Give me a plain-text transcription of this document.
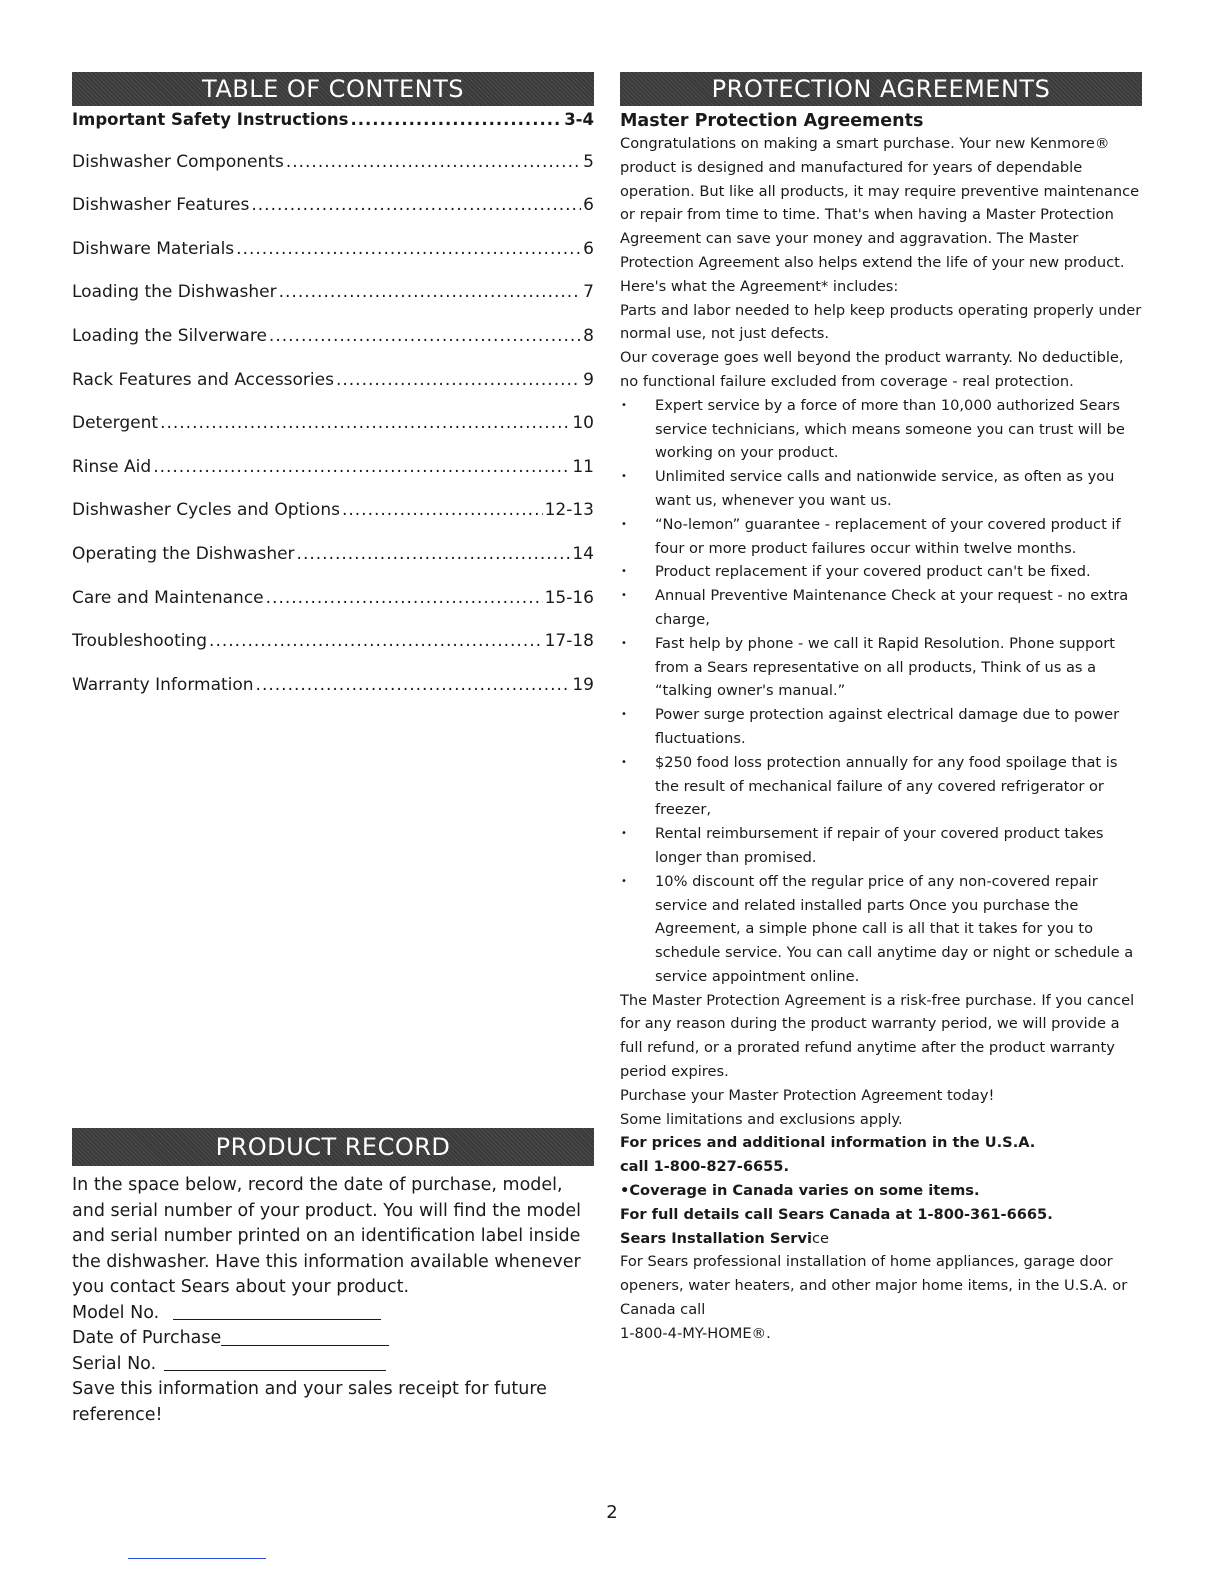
TABLE OF CONTENTS
Important Safety Instructions .....	3-4
Dishwasher Components .....	5
Dishwasher Features .....	6
Dishware Materials .....	6
Loading the Dishwasher .....	7
Loading the Silverware .....	8
Rack Features and Accessories .....	9
Detergent .....	10
Rinse Aid .....	11
Dishwasher Cycles and Options .....	12-13
Operating the Dishwasher .....	14
Care and Maintenance .....	15-16
Troubleshooting .....	17-18
Warranty Information .....	19
PRODUCT RECORD
In the space below, record the date of purchase, model, and serial number of your product. You will find the model and serial number printed on an identification label inside the dishwasher. Have this information available whenever you contact Sears about your product.
Model No.
Date of Purchase
Serial No.
Save this information and your sales receipt for future reference!
PROTECTION AGREEMENTS
Master Protection Agreements

Congratulations on making a smart purchase. Your new Kenmore® product is designed and manufactured for years of dependable operation. But like all products, it may require preventive maintenance or repair from time to time. That's when having a Master Protection Agreement can save your money and aggravation. The Master Protection Agreement also helps extend the life of your new product. Here's what the Agreement* includes:

Parts and labor needed to help keep products operating properly under normal use, not just defects.

Our coverage goes well beyond the product warranty. No deductible, no functional failure excluded from coverage - real protection.

• Expert service by a force of more than 10,000 authorized Sears service technicians, which means someone you can trust will be working on your product.
• Unlimited service calls and nationwide service, as often as you want us, whenever you want us.
• “No-lemon” guarantee - replacement of your covered product if four or more product failures occur within twelve months.
• Product replacement if your covered product can't be fixed.
• Annual Preventive Maintenance Check at your request - no extra charge,
• Fast help by phone - we call it Rapid Resolution. Phone support from a Sears representative on all products, Think of us as a “talking owner's manual.”
• Power surge protection against electrical damage due to power fluctuations.
• $250 food loss protection annually for any food spoilage that is the result of mechanical failure of any covered refrigerator or freezer,
• Rental reimbursement if repair of your covered product takes longer than promised.
• 10% discount off the regular price of any non-covered repair service and related installed parts Once you purchase the Agreement, a simple phone call is all that it takes for you to schedule service. You can call anytime day or night or schedule a service appointment online.

The Master Protection Agreement is a risk-free purchase. If you cancel for any reason during the product warranty period, we will provide a full refund, or a prorated refund anytime after the product warranty period expires.

Purchase your Master Protection Agreement today!

Some limitations and exclusions apply.

For prices and additional information in the U.S.A.

call 1-800-827-6655.

•Coverage in Canada varies on some items.

For full details call Sears Canada at 1-800-361-6665.

Sears Installation Service

For Sears professional installation of home appliances, garage door openers, water heaters, and other major home items, in the U.S.A. or Canada call

1-800-4-MY-HOME®.

2
